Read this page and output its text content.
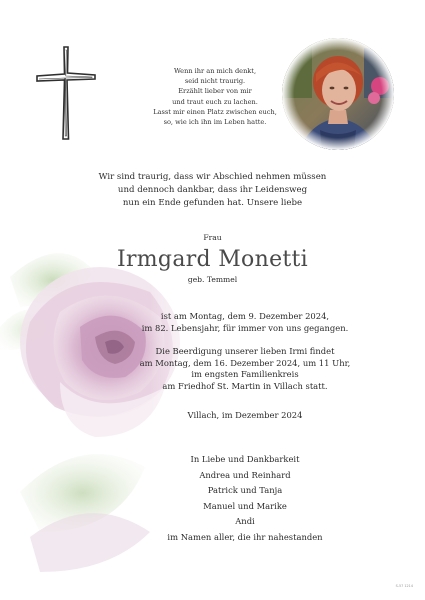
Wenn ihr an mich denkt,
seid nicht traurig.
Erzählt lieber von mir
und traut euch zu lachen.
Lasst mir einen Platz zwischen euch,
so, wie ich ihn im Leben hatte.
Wir sind traurig, dass wir Abschied nehmen müssen
und dennoch dankbar, dass ihr Leidensweg
nun ein Ende gefunden hat. Unsere liebe
Frau
Irmgard Monetti
geb. Temmel
ist am Montag, dem 9. Dezember 2024,
im 82. Lebensjahr, für immer von uns gegangen.
Die Beerdigung unserer lieben Irmi findet
am Montag, dem 16. Dezember 2024, um 11 Uhr,
im engsten Familienkreis
am Friedhof St. Martin in Villach statt.
Villach, im Dezember 2024
In Liebe und Dankbarkeit
Andrea und Reinhard
Patrick und Tanja
Manuel und Marike
Andi
im Namen aller, die ihr nahestanden
S-57 1214
